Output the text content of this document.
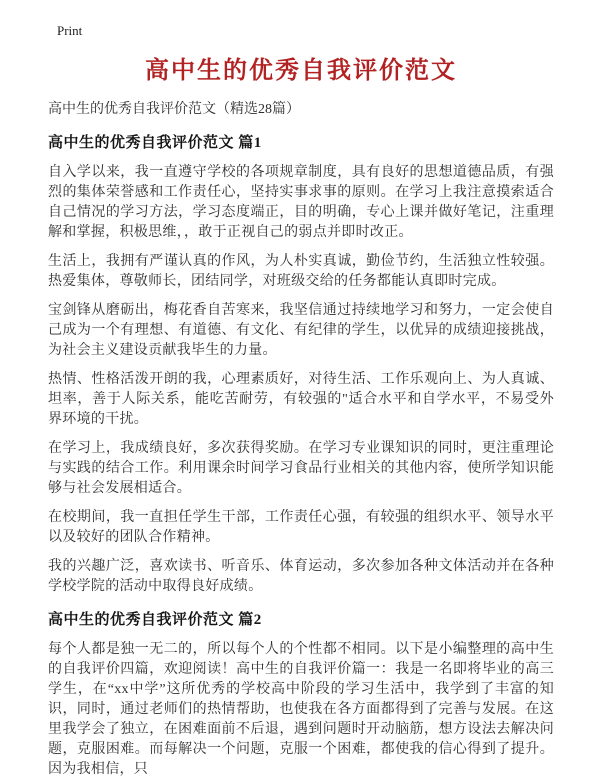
Print
高中生的优秀自我评价范文

高中生的优秀自我评价范文（精选28篇）

高中生的优秀自我评价范文 篇1

自入学以来，我一直遵守学校的各项规章制度，具有良好的思想道德品质，有强烈的集体荣誉感和工作责任心，坚持实事求事的原则。在学习上我注意摸索适合自己情况的学习方法，学习态度端正，目的明确，专心上课并做好笔记，注重理解和掌握，积极思维，，敢于正视自己的弱点并即时改正。

生活上，我拥有严谨认真的作风，为人朴实真诚，勤俭节约，生活独立性较强。热爱集体，尊敬师长，团结同学，对班级交给的任务都能认真即时完成。

宝剑锋从磨砺出，梅花香自苦寒来，我坚信通过持续地学习和努力，一定会使自己成为一个有理想、有道德、有文化、有纪律的学生，以优异的成绩迎接挑战，为社会主义建设贡献我毕生的力量。

热情、性格活泼开朗的我，心理素质好，对待生活、工作乐观向上、为人真诚、坦率，善于人际关系，能吃苦耐劳，有较强的"适合水平和自学水平，不易受外界环境的干扰。

在学习上，我成绩良好，多次获得奖励。在学习专业课知识的同时，更注重理论与实践的结合工作。利用课余时间学习食品行业相关的其他内容，使所学知识能够与社会发展相适合。

在校期间，我一直担任学生干部，工作责任心强，有较强的组织水平、领导水平以及较好的团队合作精神。

我的兴趣广泛，喜欢读书、听音乐、体育运动，多次参加各种文体活动并在各种学校学院的活动中取得良好成绩。

高中生的优秀自我评价范文 篇2

每个人都是独一无二的，所以每个人的个性都不相同。以下是小编整理的高中生的自我评价四篇，欢迎阅读！高中生的自我评价篇一：我是一名即将毕业的高三学生，在“xx中学”这所优秀的学校高中阶段的学习生活中，我学到了丰富的知识，同时，通过老师们的热情帮助，也使我在各方面都得到了完善与发展。在这里我学会了独立，在困难面前不后退，遇到问题时开动脑筋，想方设法去解决问题，克服困难。而每解决一个问题，克服一个困难，都使我的信心得到了提升。因为我相信，只
